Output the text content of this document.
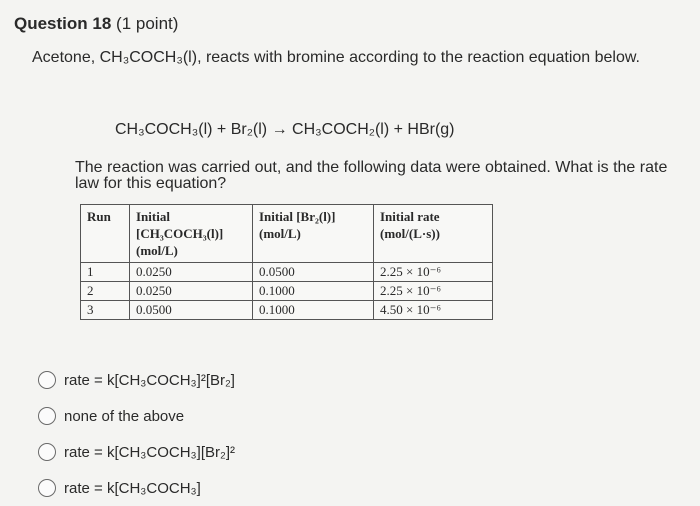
Question 18 (1 point)
Acetone, CH₃COCH₃(l), reacts with bromine according to the reaction equation below.
CH₃COCH₃(l) + Br₂(l) → CH₃COCH₂(l) + HBr(g)
The reaction was carried out, and the following data were obtained. What is the rate law for this equation?
Run	Initial [CH₃COCH₃(l)] (mol/L)	Initial [Br₂(l)] (mol/L)	Initial rate (mol/(L·s))
1	0.0250	0.0500	2.25 × 10⁻⁶
2	0.0250	0.1000	2.25 × 10⁻⁶
3	0.0500	0.1000	4.50 × 10⁻⁶
rate = k[CH₃COCH₃]²[Br₂]
none of the above
rate = k[CH₃COCH₃][Br₂]²
rate = k[CH₃COCH₃]
